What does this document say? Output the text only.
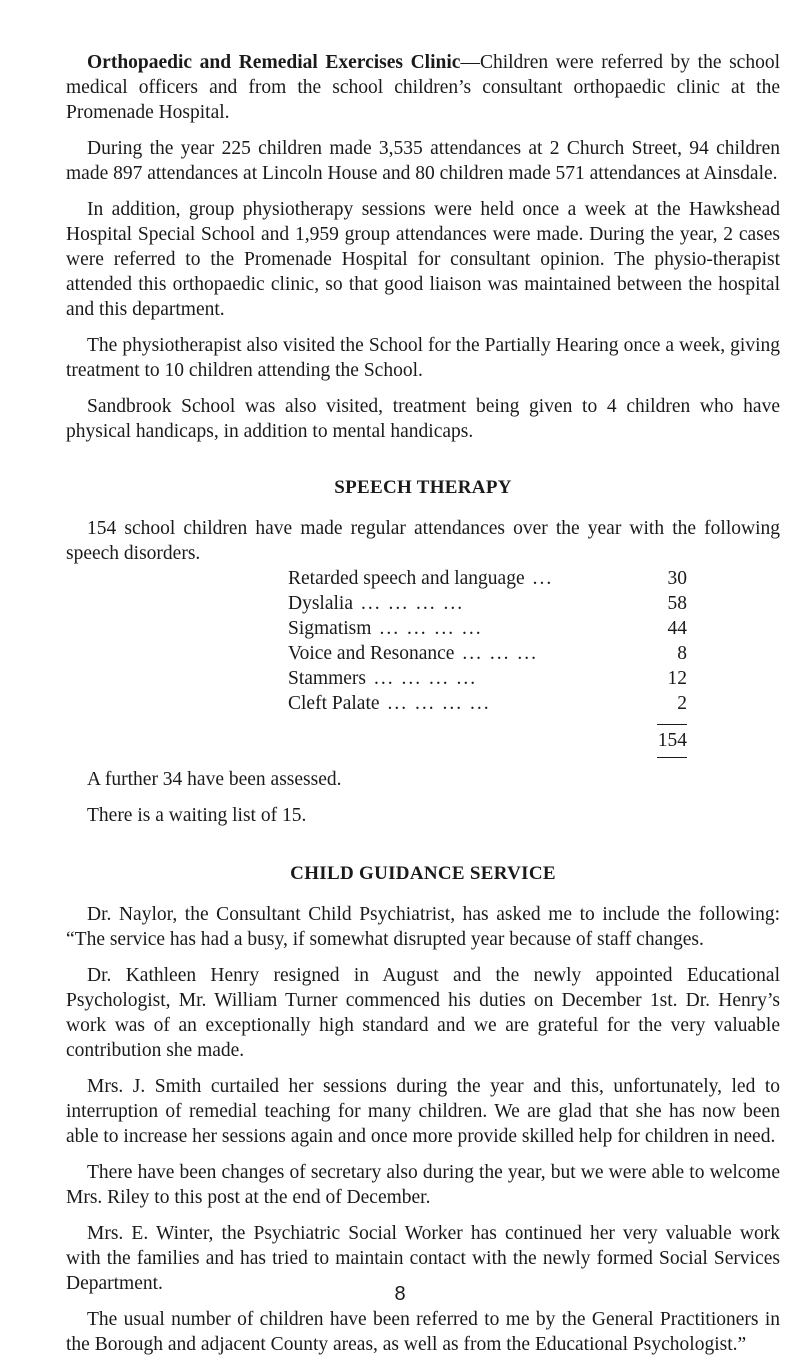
Orthopaedic and Remedial Exercises Clinic—Children were referred by the school medical officers and from the school children’s consultant orthopaedic clinic at the Promenade Hospital.

During the year 225 children made 3,535 attendances at 2 Church Street, 94 children made 897 attendances at Lincoln House and 80 children made 571 attendances at Ainsdale.

In addition, group physiotherapy sessions were held once a week at the Hawkshead Hospital Special School and 1,959 group attendances were made. During the year, 2 cases were referred to the Promenade Hospital for consultant opinion. The physio-therapist attended this orthopaedic clinic, so that good liaison was maintained between the hospital and this department.

The physiotherapist also visited the School for the Partially Hearing once a week, giving treatment to 10 children attending the School.

Sandbrook School was also visited, treatment being given to 4 children who have physical handicaps, in addition to mental handicaps.

SPEECH THERAPY

154 school children have made regular attendances over the year with the following speech disorders.

Retarded speech and language ...	30
Dyslalia ... ... ... ...	58
Sigmatism ... ... ... ...	44
Voice and Resonance ... ... ...	8
Stammers ... ... ... ...	12
Cleft Palate ... ... ... ...	2
154

A further 34 have been assessed.

There is a waiting list of 15.

CHILD GUIDANCE SERVICE

Dr. Naylor, the Consultant Child Psychiatrist, has asked me to include the following: “The service has had a busy, if somewhat disrupted year because of staff changes.

Dr. Kathleen Henry resigned in August and the newly appointed Educational Psychologist, Mr. William Turner commenced his duties on December 1st. Dr. Henry’s work was of an exceptionally high standard and we are grateful for the very valuable contribution she made.

Mrs. J. Smith curtailed her sessions during the year and this, unfortunately, led to interruption of remedial teaching for many children. We are glad that she has now been able to increase her sessions again and once more provide skilled help for children in need.

There have been changes of secretary also during the year, but we were able to welcome Mrs. Riley to this post at the end of December.

Mrs. E. Winter, the Psychiatric Social Worker has continued her very valuable work with the families and has tried to maintain contact with the newly formed Social Services Department.

The usual number of children have been referred to me by the General Practitioners in the Borough and adjacent County areas, as well as from the Educational Psychologist.”

8
